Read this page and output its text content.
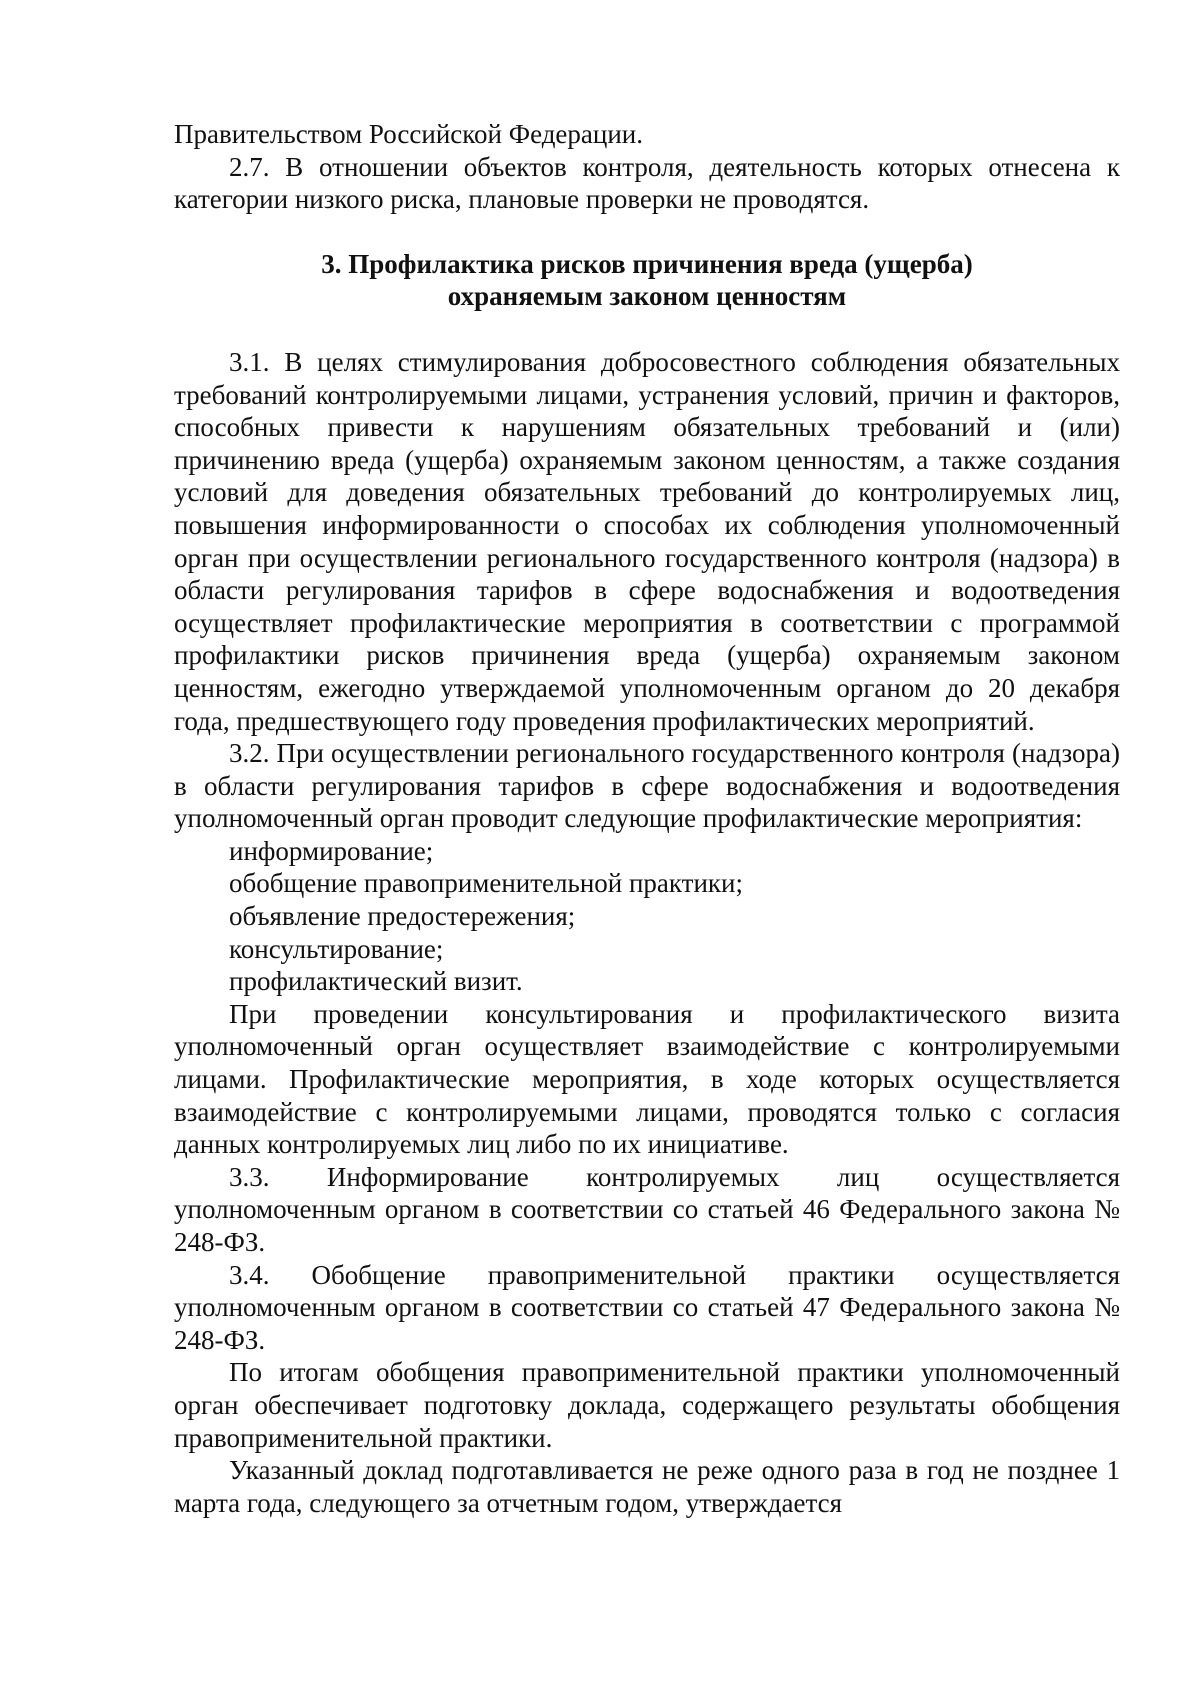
Правительством Российской Федерации.

2.7. В отношении объектов контроля, деятельность которых отнесена к категории низкого риска, плановые проверки не проводятся.

3. Профилактика рисков причинения вреда (ущерба)
охраняемым законом ценностям

3.1. В целях стимулирования добросовестного соблюдения обязательных требований контролируемыми лицами, устранения условий, причин и факторов, способных привести к нарушениям обязательных требований и (или) причинению вреда (ущерба) охраняемым законом ценностям, а также создания условий для доведения обязательных требований до контролируемых лиц, повышения информированности о способах их соблюдения уполномоченный орган при осуществлении регионального государственного контроля (надзора) в области регулирования тарифов в сфере водоснабжения и водоотведения осуществляет профилактические мероприятия в соответствии с программой профилактики рисков причинения вреда (ущерба) охраняемым законом ценностям, ежегодно утверждаемой уполномоченным органом до 20 декабря года, предшествующего году проведения профилактических мероприятий.

3.2. При осуществлении регионального государственного контроля (надзора) в области регулирования тарифов в сфере водоснабжения и водоотведения уполномоченный орган проводит следующие профилактические мероприятия:

информирование;

обобщение правоприменительной практики;

объявление предостережения;

консультирование;

профилактический визит.

При проведении консультирования и профилактического визита уполномоченный орган осуществляет взаимодействие с контролируемыми лицами. Профилактические мероприятия, в ходе которых осуществляется взаимодействие с контролируемыми лицами, проводятся только с согласия данных контролируемых лиц либо по их инициативе.

3.3. Информирование контролируемых лиц осуществляется уполномоченным органом в соответствии со статьей 46 Федерального закона № 248-ФЗ.

3.4. Обобщение правоприменительной практики осуществляется уполномоченным органом в соответствии со статьей 47 Федерального закона № 248-ФЗ.

По итогам обобщения правоприменительной практики уполномоченный орган обеспечивает подготовку доклада, содержащего результаты обобщения правоприменительной практики.

Указанный доклад подготавливается не реже одного раза в год не позднее 1 марта года, следующего за отчетным годом, утверждается
